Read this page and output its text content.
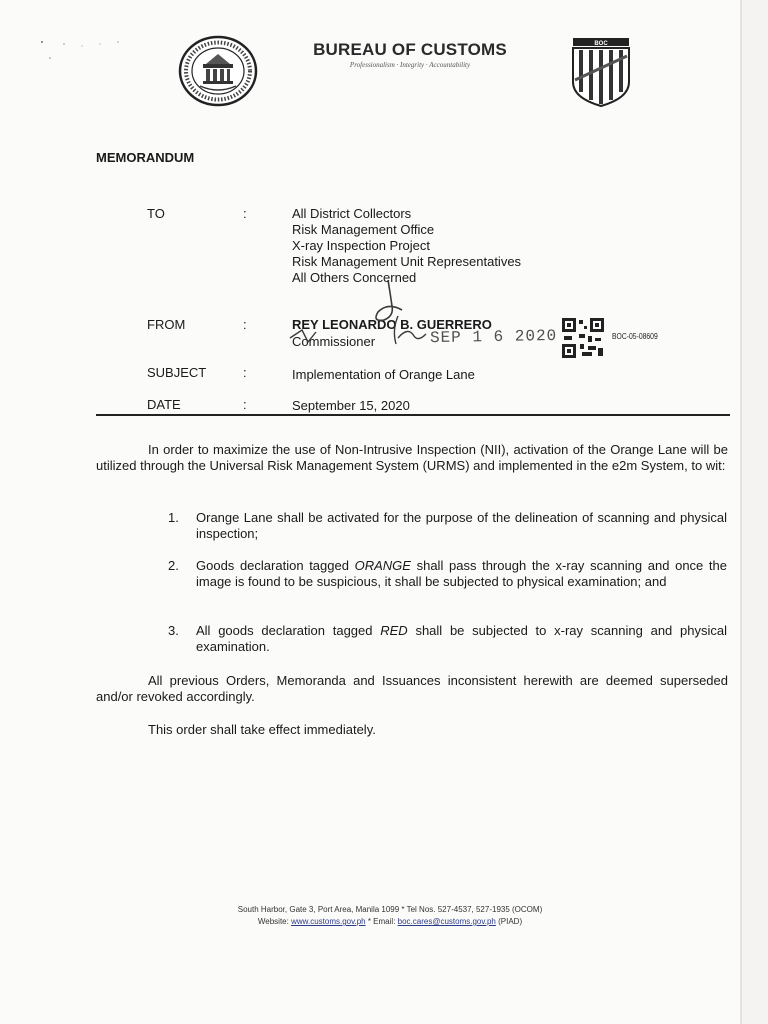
BUREAU OF CUSTOMS
Professionalism · Integrity · Accountability
BOC
MEMORANDUM
TO	:	All District Collectors
Risk Management Office
X-ray Inspection Project
Risk Management Unit Representatives
All Others Concerned
FROM	:	REY LEONARDO B. GUERRERO
Commissioner	SEP 1 6 2020	BOC-05-08609
SUBJECT	:	Implementation of Orange Lane
DATE	:	September 15, 2020
In order to maximize the use of Non-Intrusive Inspection (NII), activation of the Orange Lane will be utilized through the Universal Risk Management System (URMS) and implemented in the e2m System, to wit:
1. Orange Lane shall be activated for the purpose of the delineation of scanning and physical inspection;
2. Goods declaration tagged ORANGE shall pass through the x-ray scanning and once the image is found to be suspicious, it shall be subjected to physical examination; and
3. All goods declaration tagged RED shall be subjected to x-ray scanning and physical examination.
All previous Orders, Memoranda and Issuances inconsistent herewith are deemed superseded and/or revoked accordingly.
This order shall take effect immediately.
South Harbor, Gate 3, Port Area, Manila 1099 * Tel Nos. 527-4537, 527-1935 (OCOM)
Website: www.customs.gov.ph * Email: boc.cares@customs.gov.ph (PIAD)
